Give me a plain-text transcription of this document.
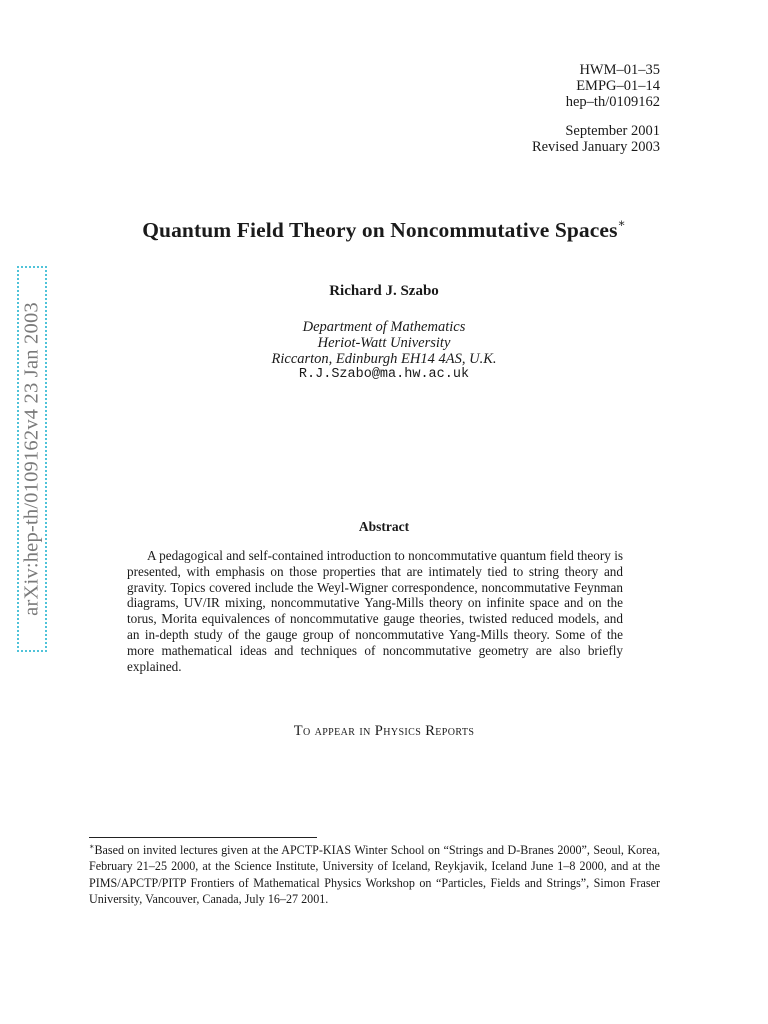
HWM–01–35
EMPG–01–14
hep–th/0109162
September 2001
Revised January 2003
Quantum Field Theory on Noncommutative Spaces∗
Richard J. Szabo
Department of Mathematics
Heriot-Watt University
Riccarton, Edinburgh EH14 4AS, U.K.
R.J.Szabo@ma.hw.ac.uk
Abstract
A pedagogical and self-contained introduction to noncommutative quantum field theory is presented, with emphasis on those properties that are intimately tied to string theory and gravity. Topics covered include the Weyl-Wigner correspondence, noncommutative Feynman diagrams, UV/IR mixing, noncommutative Yang-Mills theory on infinite space and on the torus, Morita equivalences of noncommutative gauge theories, twisted reduced models, and an in-depth study of the gauge group of noncommutative Yang-Mills theory. Some of the more mathematical ideas and techniques of noncommutative geometry are also briefly explained.
To appear in Physics Reports
∗Based on invited lectures given at the APCTP-KIAS Winter School on “Strings and D-Branes 2000”, Seoul, Korea, February 21–25 2000, at the Science Institute, University of Iceland, Reykjavik, Iceland June 1–8 2000, and at the PIMS/APCTP/PITP Frontiers of Mathematical Physics Workshop on “Particles, Fields and Strings”, Simon Fraser University, Vancouver, Canada, July 16–27 2001.
arXiv:hep-th/0109162v4 23 Jan 2003
